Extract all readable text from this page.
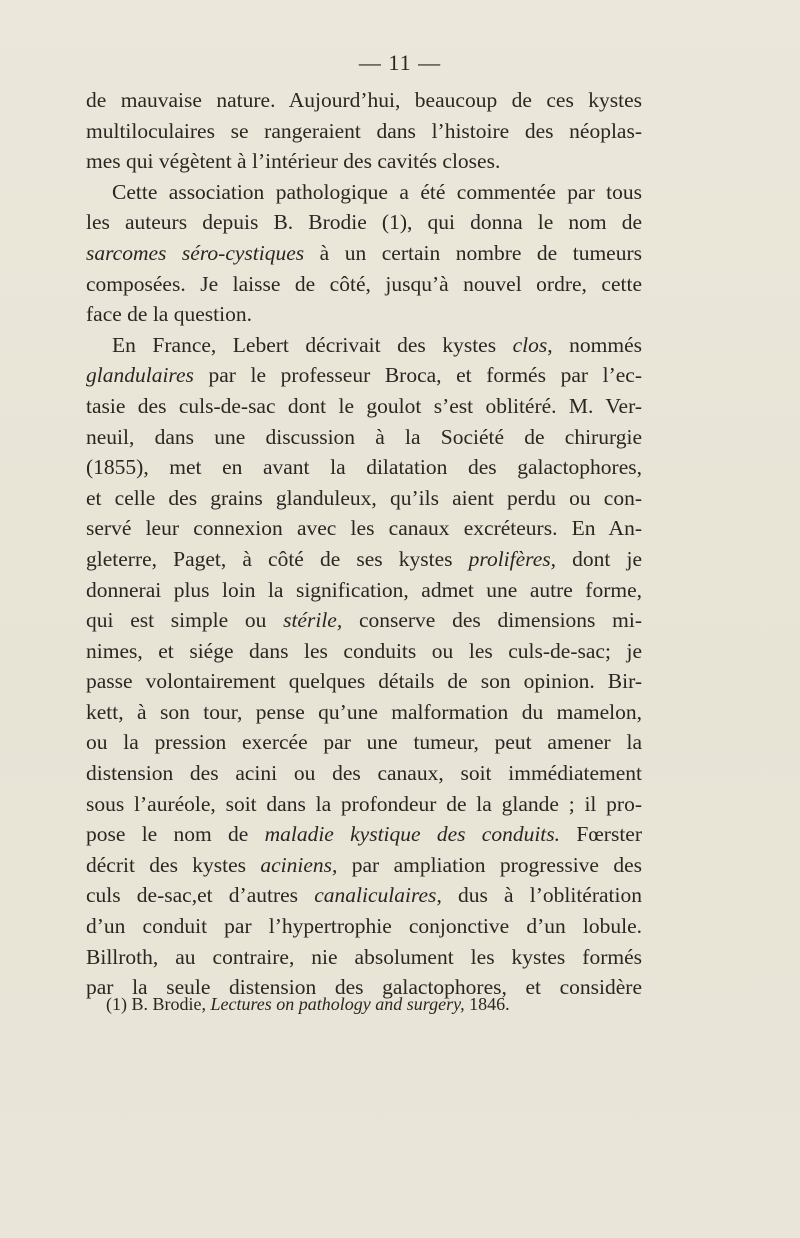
— 11 —
de mauvaise nature. Aujourd’hui, beaucoup de ces kystes
multiloculaires se rangeraient dans l’histoire des néoplas-
mes qui végètent à l’intérieur des cavités closes.
Cette association pathologique a été commentée par tous
les auteurs depuis B. Brodie (1), qui donna le nom de
sarcomes séro-cystiques à un certain nombre de tumeurs
composées. Je laisse de côté, jusqu’à nouvel ordre, cette
face de la question.
En France, Lebert décrivait des kystes clos, nommés
glandulaires par le professeur Broca, et formés par l’ec-
tasie des culs-de-sac dont le goulot s’est oblitéré. M. Ver-
neuil, dans une discussion à la Société de chirurgie
(1855), met en avant la dilatation des galactophores,
et celle des grains glanduleux, qu’ils aient perdu ou con-
servé leur connexion avec les canaux excréteurs. En An-
gleterre, Paget, à côté de ses kystes prolifères, dont je
donnerai plus loin la signification, admet une autre forme,
qui est simple ou stérile, conserve des dimensions mi-
nimes, et siége dans les conduits ou les culs-de-sac; je
passe volontairement quelques détails de son opinion. Bir-
kett, à son tour, pense qu’une malformation du mamelon,
ou la pression exercée par une tumeur, peut amener la
distension des acini ou des canaux, soit immédiatement
sous l’auréole, soit dans la profondeur de la glande ; il pro-
pose le nom de maladie kystique des conduits. Fœrster
décrit des kystes aciniens, par ampliation progressive des
culs de-sac,et d’autres canaliculaires, dus à l’oblitération
d’un conduit par l’hypertrophie conjonctive d’un lobule.
Billroth, au contraire, nie absolument les kystes formés
par la seule distension des galactophores, et considère
(1) B. Brodie, Lectures on pathology and surgery, 1846.
